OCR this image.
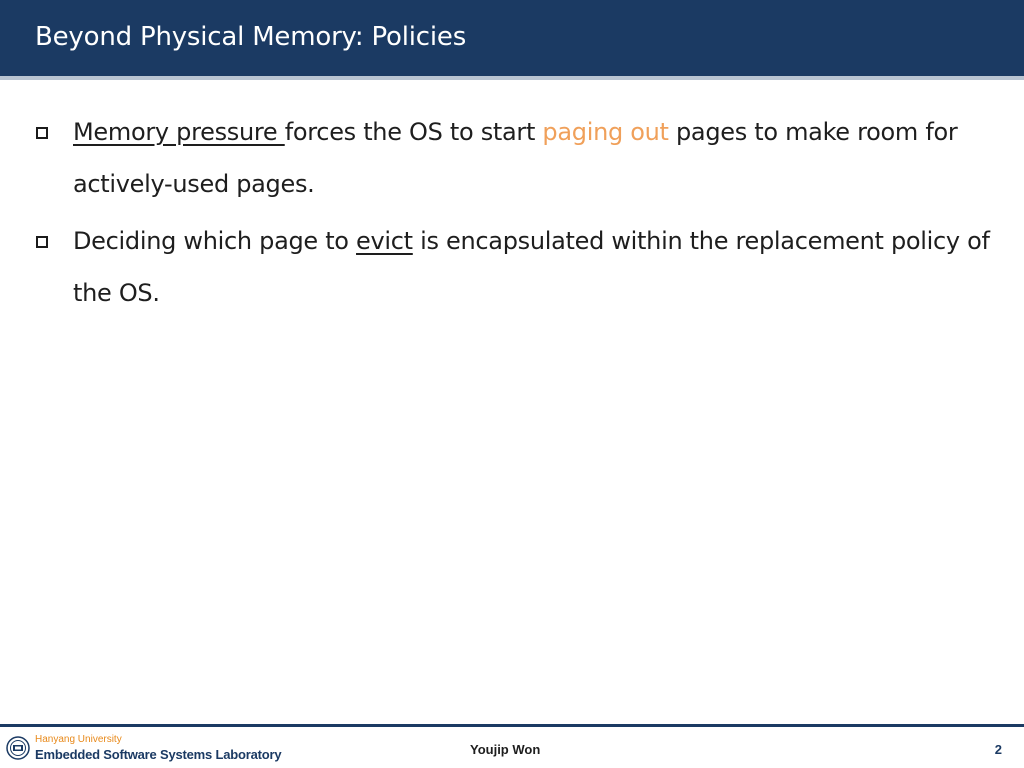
Beyond Physical Memory: Policies
Memory pressure forces the OS to start paging out pages to make room for actively-used pages.
Deciding which page to evict is encapsulated within the replacement policy of the OS.
Hanyang University
Embedded Software Systems Laboratory	Youjip Won	2
